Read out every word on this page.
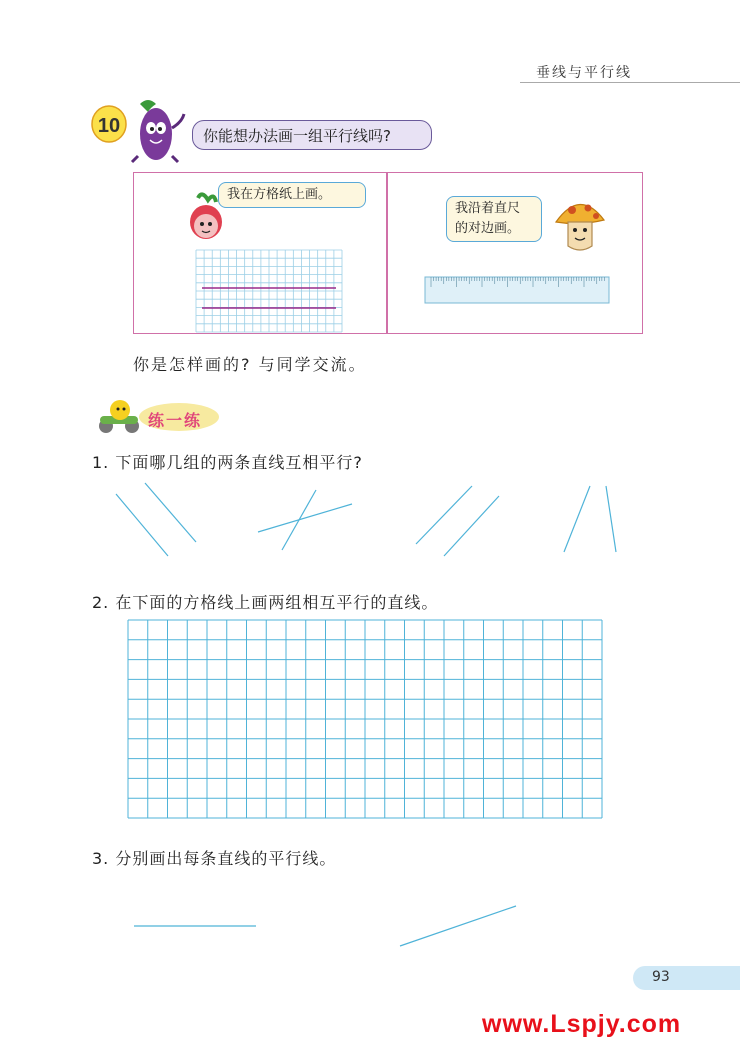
垂线与平行线
10	你能想办法画一组平行线吗?
我在方格纸上画。
我沿着直尺
的对边画。
你是怎样画的? 与同学交流。
练一练
1. 下面哪几组的两条直线互相平行?
2. 在下面的方格线上画两组相互平行的直线。
3. 分别画出每条直线的平行线。
93
www.Lspjy.com
